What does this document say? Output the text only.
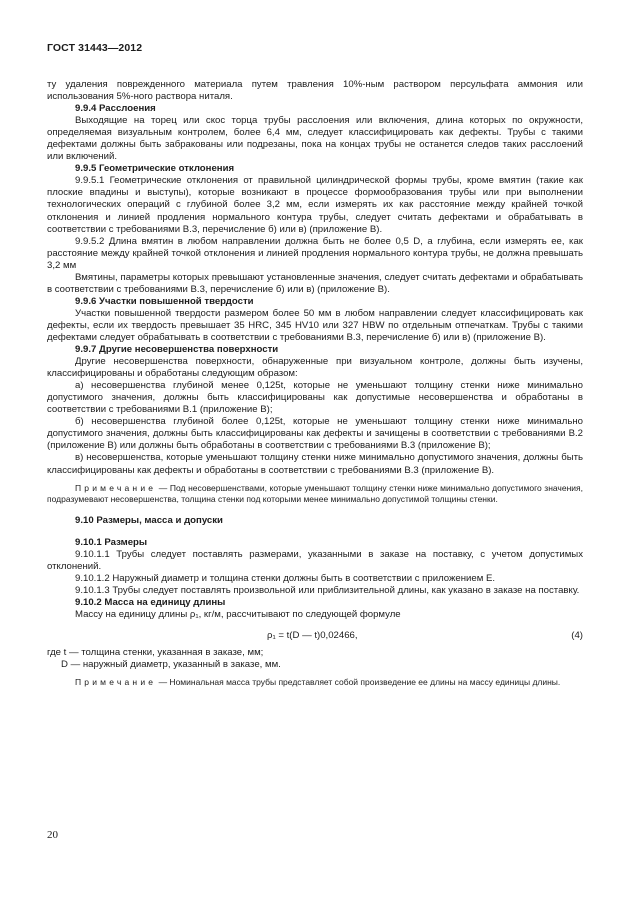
ГОСТ 31443—2012

ту удаления поврежденного материала путем травления 10%-ным раствором персульфата аммония или использования 5%-ного раствора ниталя.

9.9.4 Расслоения

Выходящие на торец или скос торца трубы расслоения или включения, длина которых по окружности, определяемая визуальным контролем, более 6,4 мм, следует классифицировать как дефекты. Трубы с такими дефектами должны быть забракованы или подрезаны, пока на концах трубы не останется следов таких расслоений или включений.

9.9.5 Геометрические отклонения

9.9.5.1 Геометрические отклонения от правильной цилиндрической формы трубы, кроме вмятин (такие как плоские впадины и выступы), которые возникают в процессе формообразования трубы или при выполнении технологических операций с глубиной более 3,2 мм, если измерять их как расстояние между крайней точкой отклонения и линией продления нормального контура трубы, следует считать дефектами и обрабатывать в соответствии с требованиями В.3, перечисление б) или в) (приложение В).

9.9.5.2 Длина вмятин в любом направлении должна быть не более 0,5 D, а глубина, если измерять ее, как расстояние между крайней точкой отклонения и линией продления нормального контура трубы, не должна превышать 3,2 мм

Вмятины, параметры которых превышают установленные значения, следует считать дефектами и обрабатывать в соответствии с требованиями В.3, перечисление б) или в) (приложение В).

9.9.6 Участки повышенной твердости

Участки повышенной твердости размером более 50 мм в любом направлении следует классифицировать как дефекты, если их твердость превышает 35 HRC, 345 HV10 или 327 HBW по отдельным отпечаткам. Трубы с такими дефектами следует обрабатывать в соответствии с требованиями В.3, перечисление б) или в) (приложение В).

9.9.7 Другие несовершенства поверхности

Другие несовершенства поверхности, обнаруженные при визуальном контроле, должны быть изучены, классифицированы и обработаны следующим образом:

а) несовершенства глубиной менее 0,125t, которые не уменьшают толщину стенки ниже минимально допустимого значения, должны быть классифицированы как допустимые несовершенства и обработаны в соответствии с требованиями В.1 (приложение В);

б) несовершенства глубиной более 0,125t, которые не уменьшают толщину стенки ниже минимально допустимого значения, должны быть классифицированы как дефекты и зачищены в соответствии с требованиями В.2 (приложение В) или должны быть обработаны в соответствии с требованиями В.3 (приложение В);

в) несовершенства, которые уменьшают толщину стенки ниже минимально допустимого значения, должны быть классифицированы как дефекты и обработаны в соответствии с требованиями В.3 (приложение В).

Примечание — Под несовершенствами, которые уменьшают толщину стенки ниже минимально допустимого значения, подразумевают несовершенства, толщина стенки под которыми менее минимально допустимой толщины стенки.

9.10 Размеры, масса и допуски

9.10.1 Размеры

9.10.1.1 Трубы следует поставлять размерами, указанными в заказе на поставку, с учетом допустимых отклонений.

9.10.1.2 Наружный диаметр и толщина стенки должны быть в соответствии с приложением Е.

9.10.1.3 Трубы следует поставлять произвольной или приблизительной длины, как указано в заказе на поставку.

9.10.2 Масса на единицу длины

Массу на единицу длины ρ₁, кг/м, рассчитывают по следующей формуле

ρ₁ = t(D — t)0,02466,	(4)

где t — толщина стенки, указанная в заказе, мм;

D — наружный диаметр, указанный в заказе, мм.

Примечание — Номинальная масса трубы представляет собой произведение ее длины на массу единицы длины.

20
